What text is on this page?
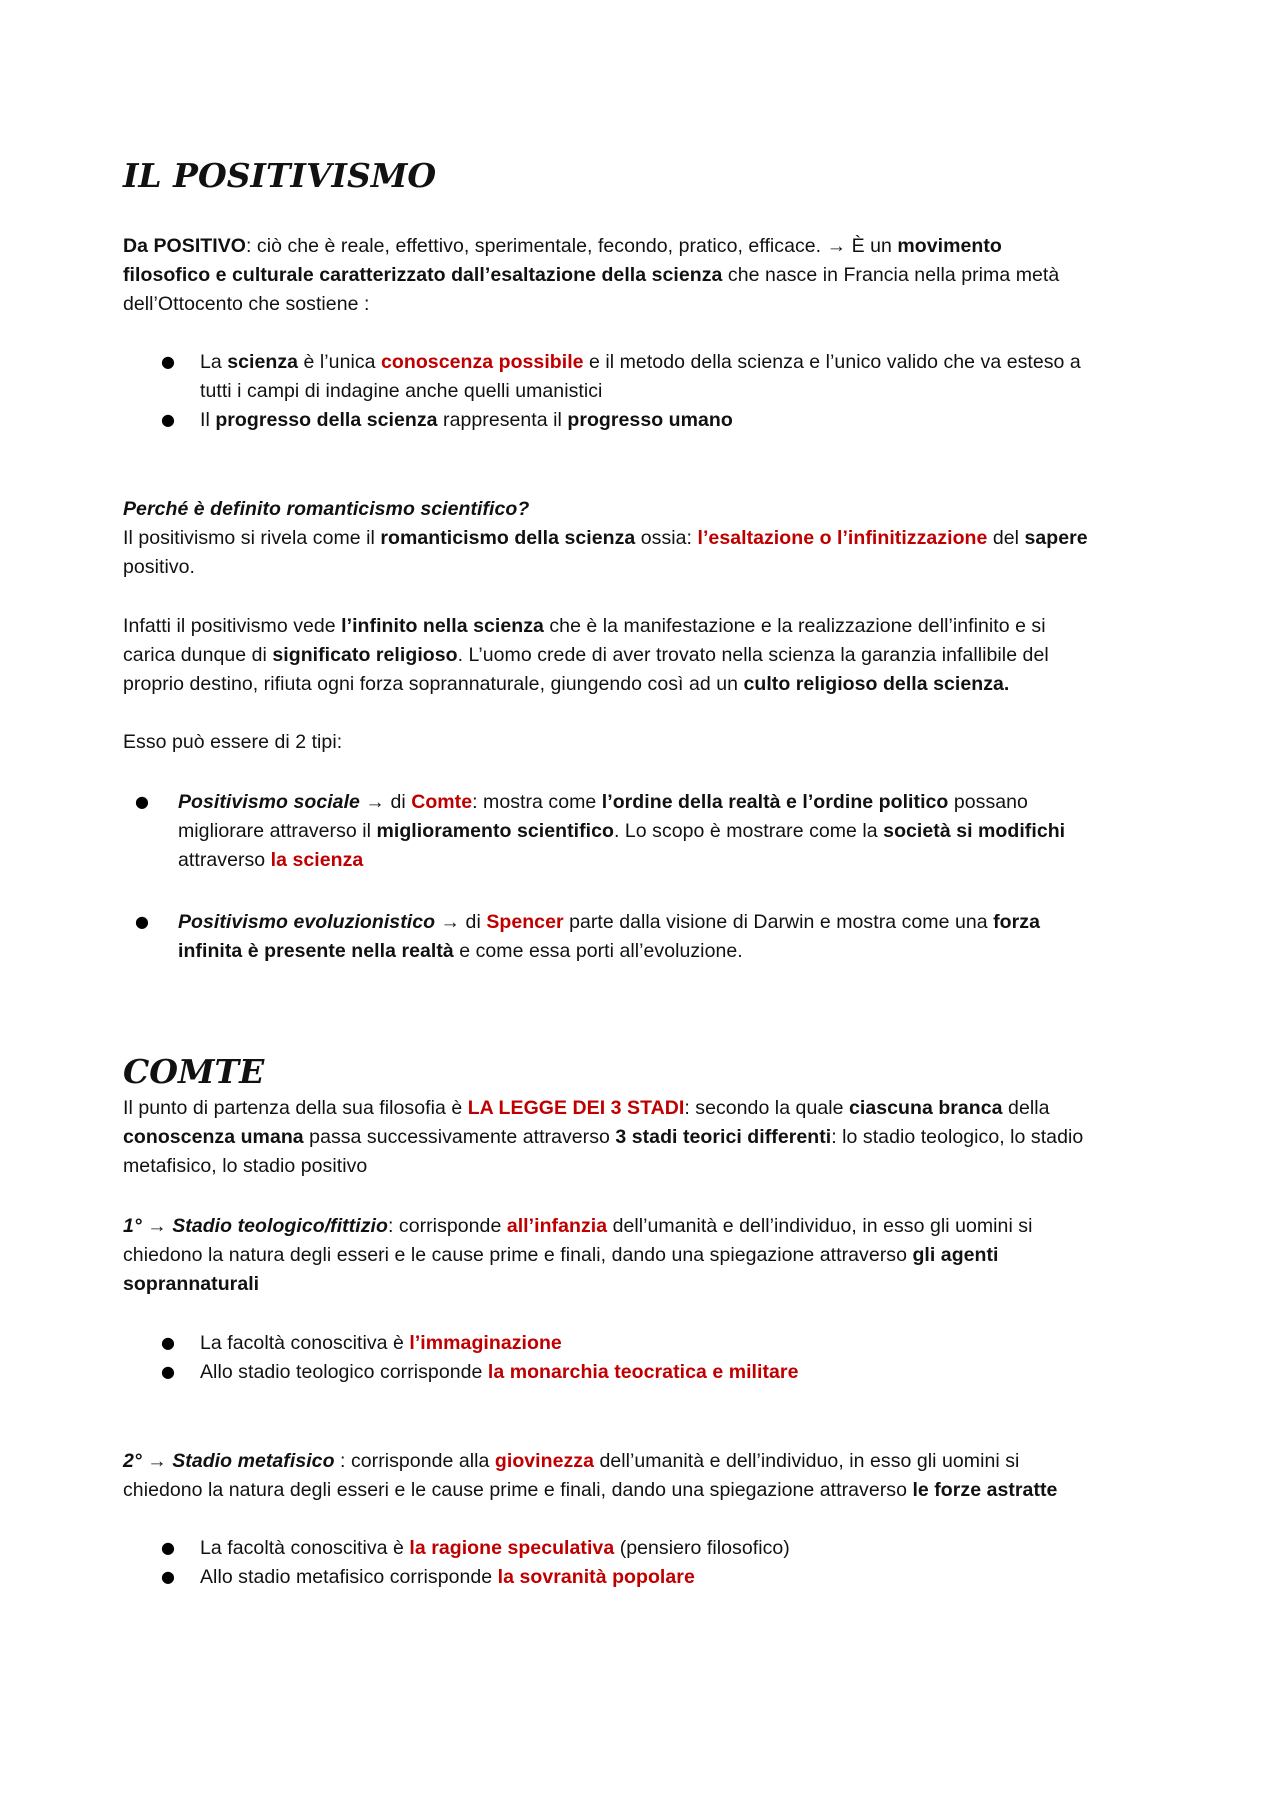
IL POSITIVISMO
Da POSITIVO: ciò che è reale, effettivo, sperimentale, fecondo, pratico, efficace. → È un movimento
filosofico e culturale caratterizzato dall’esaltazione della scienza che nasce in Francia nella prima metà
dell’Ottocento che sostiene :
● La scienza è l’unica conoscenza possibile e il metodo della scienza e l’unico valido che va esteso a
tutti i campi di indagine anche quelli umanistici
● Il progresso della scienza rappresenta il progresso umano
Perché è definito romanticismo scientifico?
Il positivismo si rivela come il romanticismo della scienza ossia: l’esaltazione o l’infinitizzazione del sapere
positivo.
Infatti il positivismo vede l’infinito nella scienza che è la manifestazione e la realizzazione dell’infinito e si
carica dunque di significato religioso. L’uomo crede di aver trovato nella scienza la garanzia infallibile del
proprio destino, rifiuta ogni forza soprannaturale, giungendo così ad un culto religioso della scienza.
Esso può essere di 2 tipi:
● Positivismo sociale → di Comte: mostra come l’ordine della realtà e l’ordine politico possano
migliorare attraverso il miglioramento scientifico. Lo scopo è mostrare come la società si modifichi
attraverso la scienza
● Positivismo evoluzionistico → di Spencer parte dalla visione di Darwin e mostra come una forza
infinita è presente nella realtà e come essa porti all’evoluzione.
COMTE
Il punto di partenza della sua filosofia è LA LEGGE DEI 3 STADI: secondo la quale ciascuna branca della
conoscenza umana passa successivamente attraverso 3 stadi teorici differenti: lo stadio teologico, lo stadio
metafisico, lo stadio positivo
1° → Stadio teologico/fittizio: corrisponde all’infanzia dell’umanità e dell’individuo, in esso gli uomini si
chiedono la natura degli esseri e le cause prime e finali, dando una spiegazione attraverso gli agenti
soprannaturali
● La facoltà conoscitiva è l’immaginazione
● Allo stadio teologico corrisponde la monarchia teocratica e militare
2° → Stadio metafisico : corrisponde alla giovinezza dell’umanità e dell’individuo, in esso gli uomini si
chiedono la natura degli esseri e le cause prime e finali, dando una spiegazione attraverso le forze astratte
● La facoltà conoscitiva è la ragione speculativa (pensiero filosofico)
● Allo stadio metafisico corrisponde la sovranità popolare
